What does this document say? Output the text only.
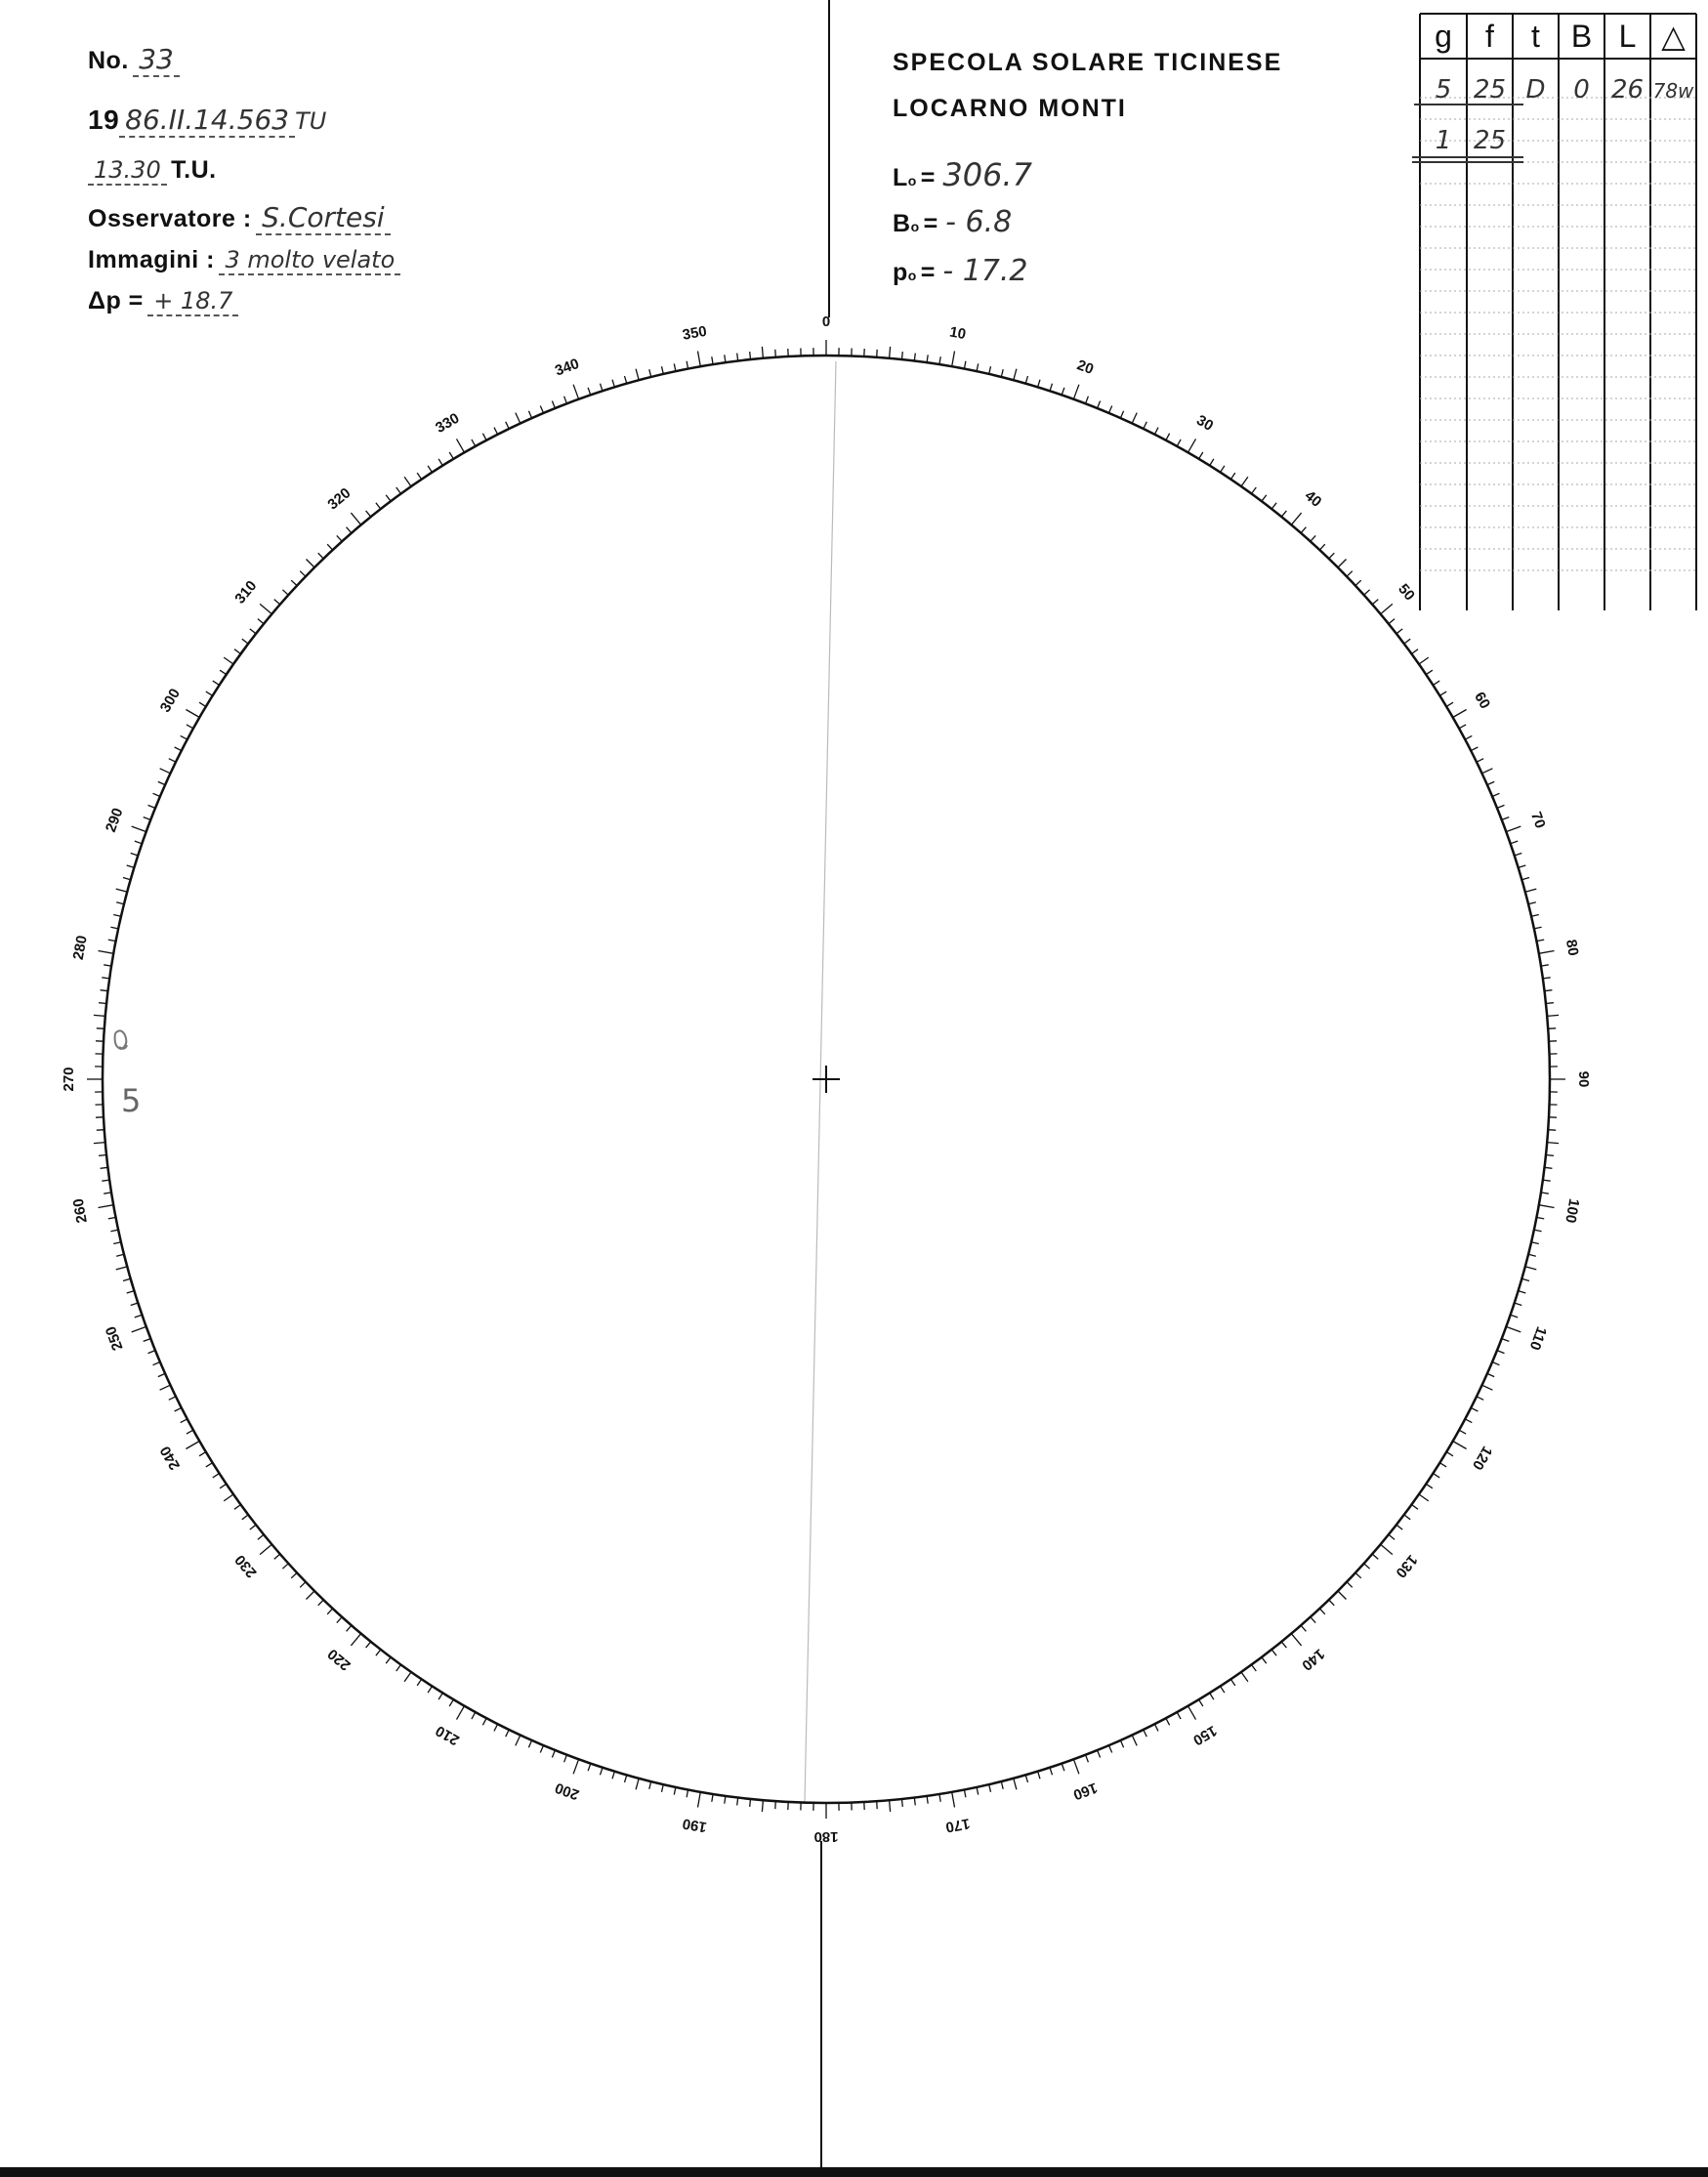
No. 33
19 86.II.14.563 TU
13.30 T.U.
Osservatore : S.Cortesi
Immagini : 3 molto velato
Δp = + 18.7
SPECOLA SOLARE TICINESE
LOCARNO MONTI
Lo = 306.7
Bo = - 6.8
po = - 17.2
0
10
20
30
40
50
60
70
80
90
100
110
120
130
140
150
160
170
180
190
200
210
220
230
240
250
260
270
280
290
300
310
320
330
340
350
5
g f t B L △
5 25 D 0 26 78w
1 25
